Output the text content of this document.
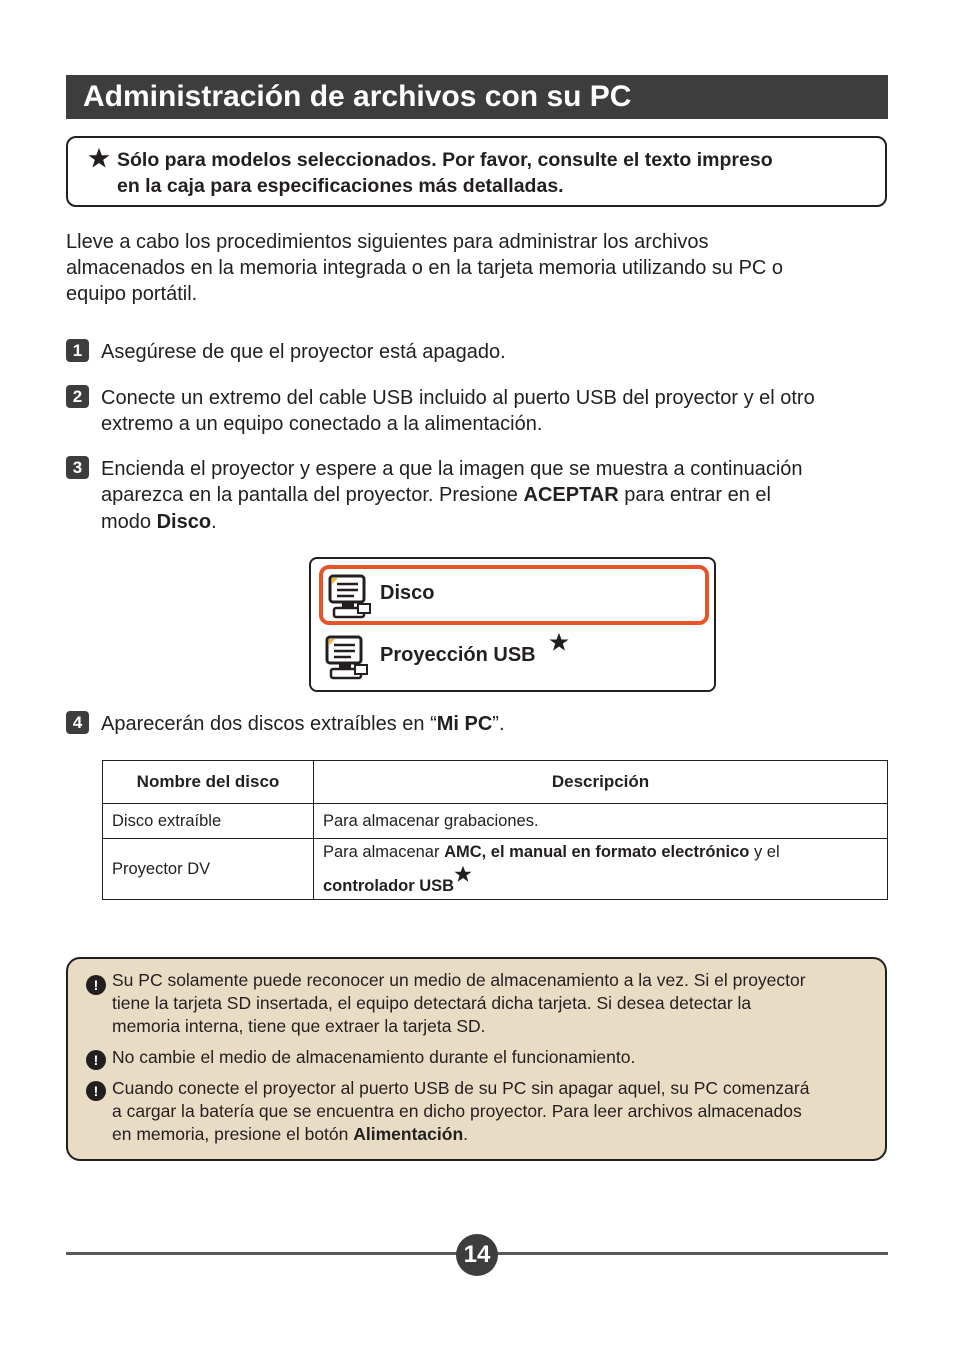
Administración de archivos con su PC
Sólo para modelos seleccionados. Por favor, consulte el texto impreso
en la caja para especificaciones más detalladas.
Lleve a cabo los procedimientos siguientes para administrar los archivos
almacenados en la memoria integrada o en la tarjeta memoria utilizando su PC o
equipo portátil.
1 Asegúrese de que el proyector está apagado.
2 Conecte un extremo del cable USB incluido al puerto USB del proyector y el otro
extremo a un equipo conectado a la alimentación.
3 Encienda el proyector y espere a que la imagen que se muestra a continuación
aparezca en la pantalla del proyector. Presione ACEPTAR para entrar en el
modo Disco.
Disco
Proyección USB
4 Aparecerán dos discos extraíbles en “Mi PC”.
Nombre del disco	Descripción
Disco extraíble	Para almacenar grabaciones.
Proyector DV	Para almacenar AMC, el manual en formato electrónico y el
controlador USB
! Su PC solamente puede reconocer un medio de almacenamiento a la vez. Si el proyector
tiene la tarjeta SD insertada, el equipo detectará dicha tarjeta. Si desea detectar la
memoria interna, tiene que extraer la tarjeta SD.
! No cambie el medio de almacenamiento durante el funcionamiento.
! Cuando conecte el proyector al puerto USB de su PC sin apagar aquel, su PC comenzará
a cargar la batería que se encuentra en dicho proyector. Para leer archivos almacenados
en memoria, presione el botón Alimentación.
14
